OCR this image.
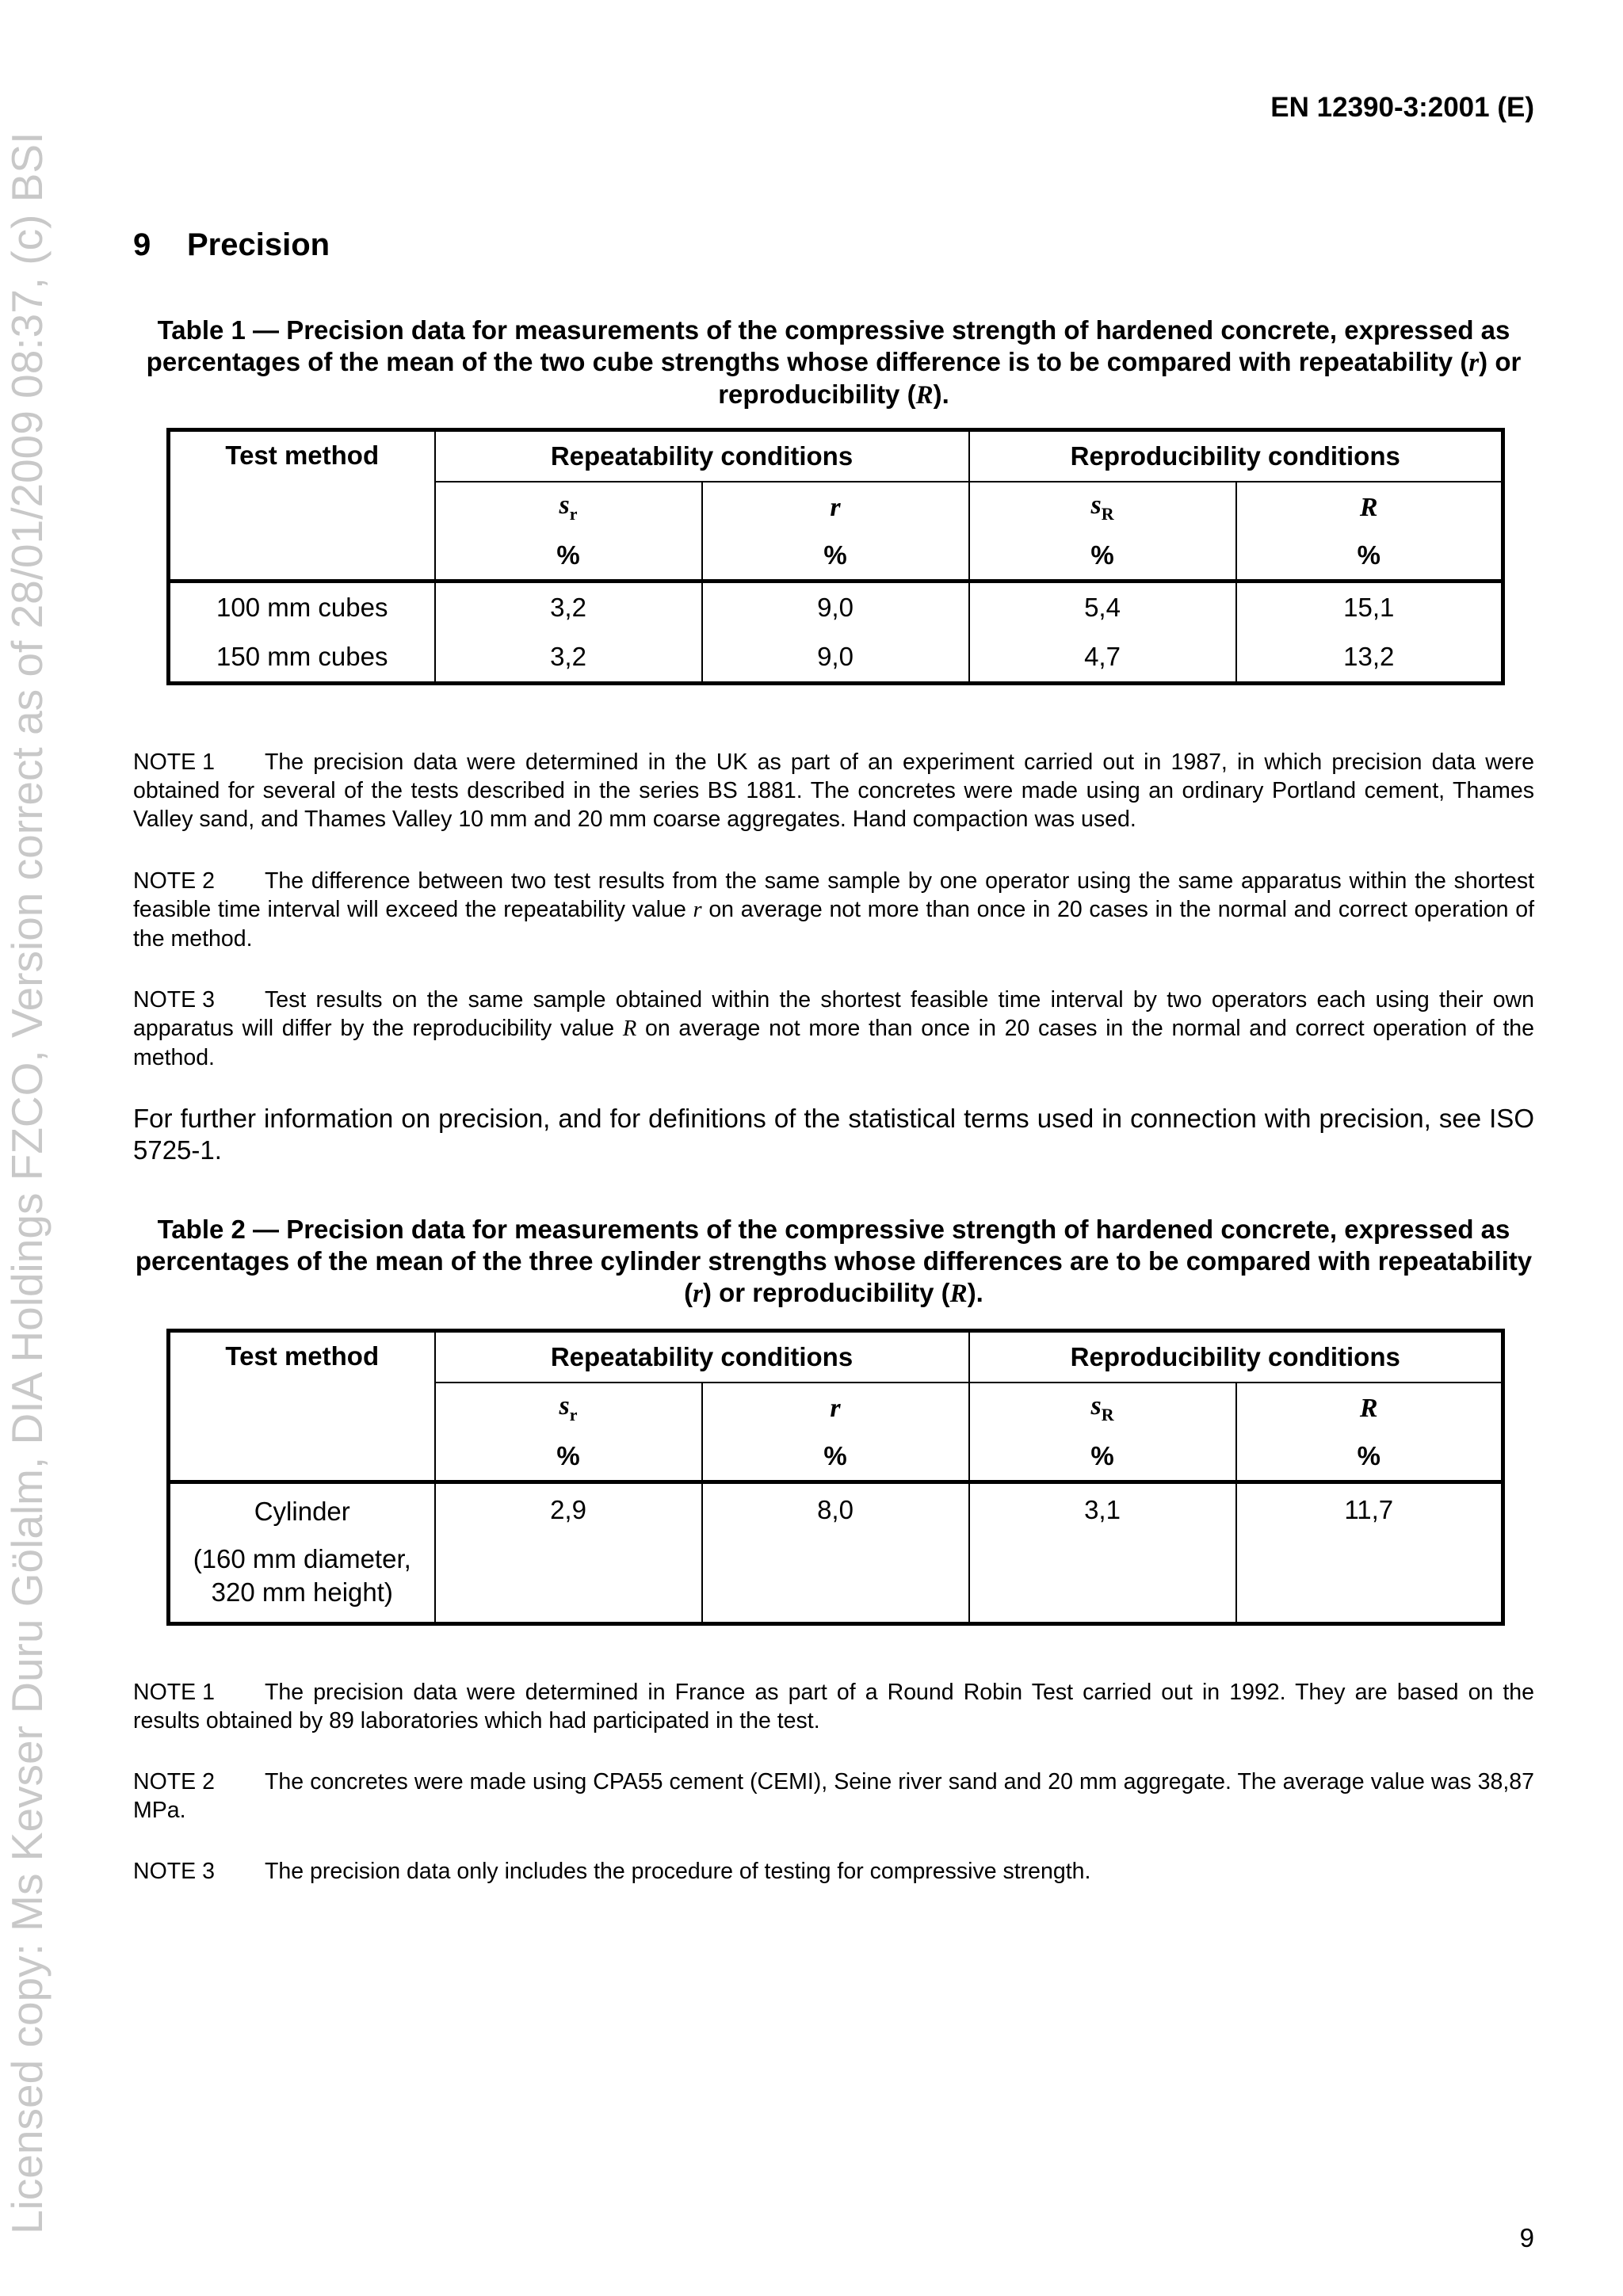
Licensed copy: Ms Kevser Duru Gölalm, DIA Holdings FZCO, Version correct as of 28/01/2009 08:37, (c) BSI
EN 12390-3:2001 (E)
9 Precision
Table 1 — Precision data for measurements of the compressive strength of hardened concrete, expressed as percentages of the mean of the two cube strengths whose difference is to be compared with repeatability (r) or reproducibility (R).
Test method	Repeatability conditions		Reproducibility conditions	
	$s_r$	r	$s_R$	R
	%	%	%	%
100 mm cubes	3,2	9,0	5,4	15,1
150 mm cubes	3,2	9,0	4,7	13,2
NOTE 1 The precision data were determined in the UK as part of an experiment carried out in 1987, in which precision data were obtained for several of the tests described in the series BS 1881. The concretes were made using an ordinary Portland cement, Thames Valley sand, and Thames Valley 10 mm and 20 mm coarse aggregates. Hand compaction was used.
NOTE 2 The difference between two test results from the same sample by one operator using the same apparatus within the shortest feasible time interval will exceed the repeatability value r on average not more than once in 20 cases in the normal and correct operation of the method.
NOTE 3 Test results on the same sample obtained within the shortest feasible time interval by two operators each using their own apparatus will differ by the reproducibility value R on average not more than once in 20 cases in the normal and correct operation of the method.
For further information on precision, and for definitions of the statistical terms used in connection with precision, see ISO 5725-1.
Table 2 — Precision data for measurements of the compressive strength of hardened concrete, expressed as percentages of the mean of the three cylinder strengths whose differences are to be compared with repeatability (r) or reproducibility (R).
Test method	Repeatability conditions		Reproducibility conditions	
	$s_r$	r	$s_R$	R
	%	%	%	%

Cylinder
(160 mm diameter, 320 mm height)	2,9	8,0	3,1	11,7
NOTE 1 The precision data were determined in France as part of a Round Robin Test carried out in 1992. They are based on the results obtained by 89 laboratories which had participated in the test.
NOTE 2 The concretes were made using CPA55 cement (CEMI), Seine river sand and 20 mm aggregate. The average value was 38,87 MPa.
NOTE 3 The precision data only includes the procedure of testing for compressive strength.
9
